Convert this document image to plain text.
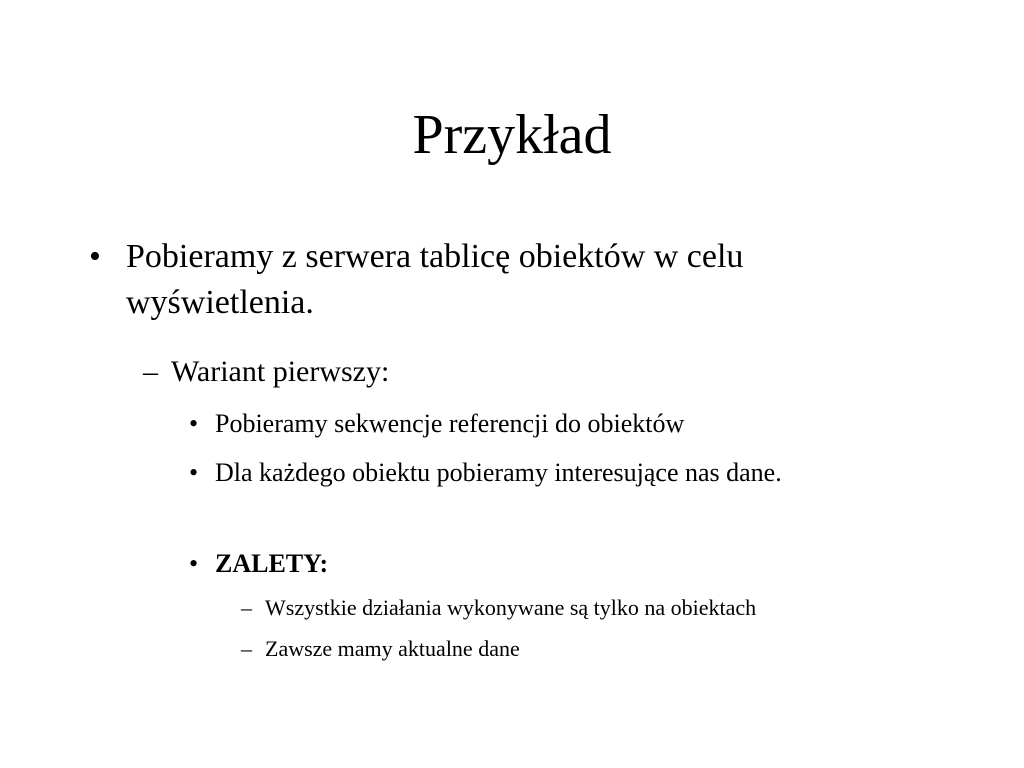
Przykład
• Pobieramy z serwera tablicę obiektów w celu wyświetlenia.
– Wariant pierwszy:
• Pobieramy sekwencje referencji do obiektów
• Dla każdego obiektu pobieramy interesujące nas dane.
• ZALETY:
– Wszystkie działania wykonywane są tylko na obiektach
– Zawsze mamy aktualne dane
